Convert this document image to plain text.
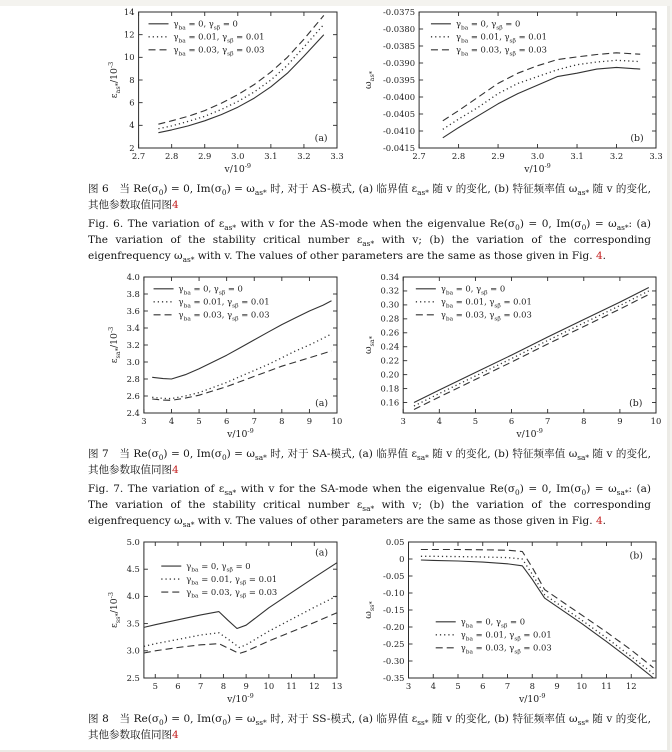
2.7 2.8 2.9 3.0 3.1 3.2 3.3
2
4
6
8
10
12
14
$\gamma_{ba} = 0$, $\gamma_{s\beta} = 0$
$\gamma_{ba} = 0.01$, $\gamma_{s\beta} = 0.01$
$\gamma_{ba} = 0.03$, $\gamma_{s\beta} = 0.03$
(a)
$v/10^{-9}$
$\varepsilon_{as*}/10^{-3}$
2.7	2.8	2.9	3.0	3.1	3.2	3.3
-0.0415
-0.0410
-0.0405
-0.0400
-0.0395
-0.0390
-0.0385
-0.0380
-0.0375
$\gamma_{ba} = 0$, $\gamma_{s\beta} = 0$
$\gamma_{ba} = 0.01$, $\gamma_{s\beta} = 0.01$
$\gamma_{ba} = 0.03$, $\gamma_{s\beta} = 0.03$
(b)
$v/10^{-9}$
$\omega_{as*}$

图 6　当 $Re(\sigma_0) = 0$, $Im(\sigma_0) = \omega_{as*}$ 时, 对于 AS-模式, (a) 临界值 $\varepsilon_{as*}$ 随 v 的变化, (b) 特征频率值 $\omega_{as*}$ 随 v 的变化, 其他参数取值同图4

Fig. 6. The variation of $\varepsilon_{as*}$ with v for the AS-mode when the eigenvalue $Re(\sigma_0) = 0$, $Im(\sigma_0) = \omega_{as*}$: (a) The variation of the stability critical number $\varepsilon_{as*}$ with v; (b) the variation of the corresponding eigenfrequency $\omega_{as*}$ with v. The values of other parameters are the same as those given in Fig. 4.

3	4	5	6	7	8	9 10
2.4
2.6
2.8
3.0
3.2
3.4
3.6
3.8
4.0
$\gamma_{ba} = 0$, $\gamma_{s\beta} = 0$
$\gamma_{ba} = 0.01$, $\gamma_{s\beta} = 0.01$
$\gamma_{ba} = 0.03$, $\gamma_{s\beta} = 0.03$
(a)
$v/10^{-9}$
$\varepsilon_{sa*}/10^{-3}$
3	4	5	6	7	8	9	10
0.16
0.18
0.20
0.22
0.24
0.26
0.28
0.30
0.32
0.34
$\gamma_{ba} = 0$, $\gamma_{s\beta} = 0$
$\gamma_{ba} = 0.01$, $\gamma_{s\beta} = 0.01$
$\gamma_{ba} = 0.03$, $\gamma_{s\beta} = 0.03$
(b)
$v/10^{-9}$
$\omega_{sa*}$

图 7　当 $Re(\sigma_0) = 0$, $Im(\sigma_0) = \omega_{sa*}$ 时, 对于 SA-模式, (a) 临界值 $\varepsilon_{sa*}$ 随 v 的变化, (b) 特征频率值 $\omega_{sa*}$ 随 v 的变化, 其他参数取值同图4

Fig. 7. The variation of $\varepsilon_{sa*}$ with v for the SA-mode when the eigenvalue $Re(\sigma_0) = 0$, $Im(\sigma_0) = \omega_{sa*}$: (a) The variation of the stability critical number $\varepsilon_{sa*}$ with v; (b) the variation of the corresponding eigenfrequency $\omega_{sa*}$ with v. The values of other parameters are the same as those given in Fig. 4.

5 6 7 8 9 10 11 12 13
2.5
3.0
3.5
4.0
4.5
5.0
$\gamma_{ba} = 0$, $\gamma_{s\beta} = 0$
$\gamma_{ba} = 0.01$, $\gamma_{s\beta} = 0.01$
$\gamma_{ba} = 0.03$, $\gamma_{s\beta} = 0.03$
(a)
$v/10^{-9}$
$\varepsilon_{ss*}/10^{-3}$
3 4 5 6 7 8 9 10 11 12
-0.35
-0.30
-0.25
-0.20
-0.15
-0.10
-0.05
0
0.05
$\gamma_{ba} = 0$, $\gamma_{s\beta} = 0$
$\gamma_{ba} = 0.01$, $\gamma_{s\beta} = 0.01$
$\gamma_{ba} = 0.03$, $\gamma_{s\beta} = 0.03$
(b)
$v/10^{-9}$
$\omega_{ss*}$

图 8　当 $Re(\sigma_0) = 0$, $Im(\sigma_0) = \omega_{ss*}$ 时, 对于 SS-模式, (a) 临界值 $\varepsilon_{ss*}$ 随 v 的变化, (b) 特征频率值 $\omega_{ss*}$ 随 v 的变化, 其他参数取值同图4
